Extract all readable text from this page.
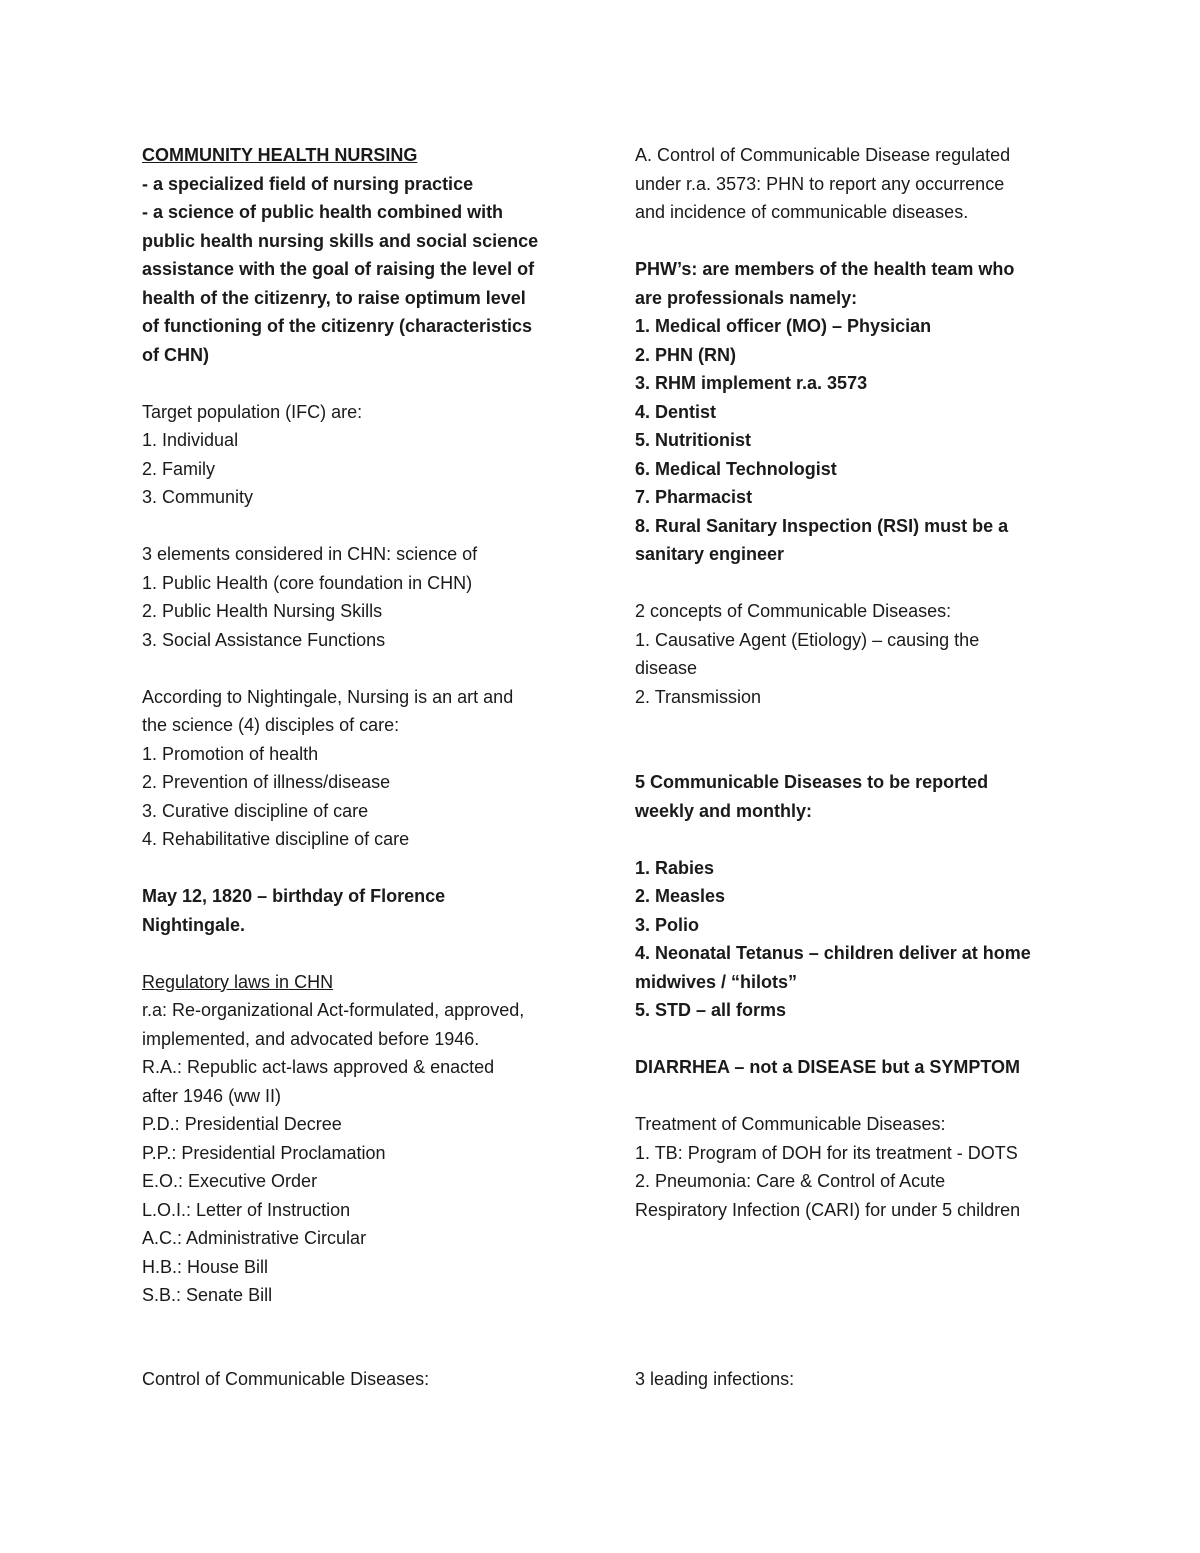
COMMUNITY HEALTH NURSING
- a specialized field of nursing practice
- a science of public health combined with
public health nursing skills and social science
assistance with the goal of raising the level of
health of the citizenry, to raise optimum level
of functioning of the citizenry (characteristics
of CHN)
Target population (IFC) are:
1. Individual
2. Family
3. Community
3 elements considered in CHN: science of
1. Public Health (core foundation in CHN)
2. Public Health Nursing Skills
3. Social Assistance Functions
According to Nightingale, Nursing is an art and
the science (4) disciples of care:
1. Promotion of health
2. Prevention of illness/disease
3. Curative discipline of care
4. Rehabilitative discipline of care
May 12, 1820 – birthday of Florence
Nightingale.
Regulatory laws in CHN
r.a: Re-organizational Act-formulated, approved,
implemented, and advocated before 1946.
R.A.: Republic act-laws approved & enacted
after 1946 (ww II)
P.D.: Presidential Decree
P.P.: Presidential Proclamation
E.O.: Executive Order
L.O.I.: Letter of Instruction
A.C.: Administrative Circular
H.B.: House Bill
S.B.: Senate Bill
A. Control of Communicable Disease regulated
under r.a. 3573: PHN to report any occurrence
and incidence of communicable diseases.
PHW’s: are members of the health team who
are professionals namely:
1. Medical officer (MO) – Physician
2. PHN (RN)
3. RHM implement r.a. 3573
4. Dentist
5. Nutritionist
6. Medical Technologist
7. Pharmacist
8. Rural Sanitary Inspection (RSI) must be a
sanitary engineer
2 concepts of Communicable Diseases:
1. Causative Agent (Etiology) – causing the
disease
2. Transmission
5 Communicable Diseases to be reported
weekly and monthly:
1. Rabies
2. Measles
3. Polio
4. Neonatal Tetanus – children deliver at home
midwives / “hilots”
5. STD – all forms
DIARRHEA – not a DISEASE but a SYMPTOM
Treatment of Communicable Diseases:
1. TB: Program of DOH for its treatment - DOTS
2. Pneumonia: Care & Control of Acute
Respiratory Infection (CARI) for under 5 children
Control of Communicable Diseases:	3 leading infections:
